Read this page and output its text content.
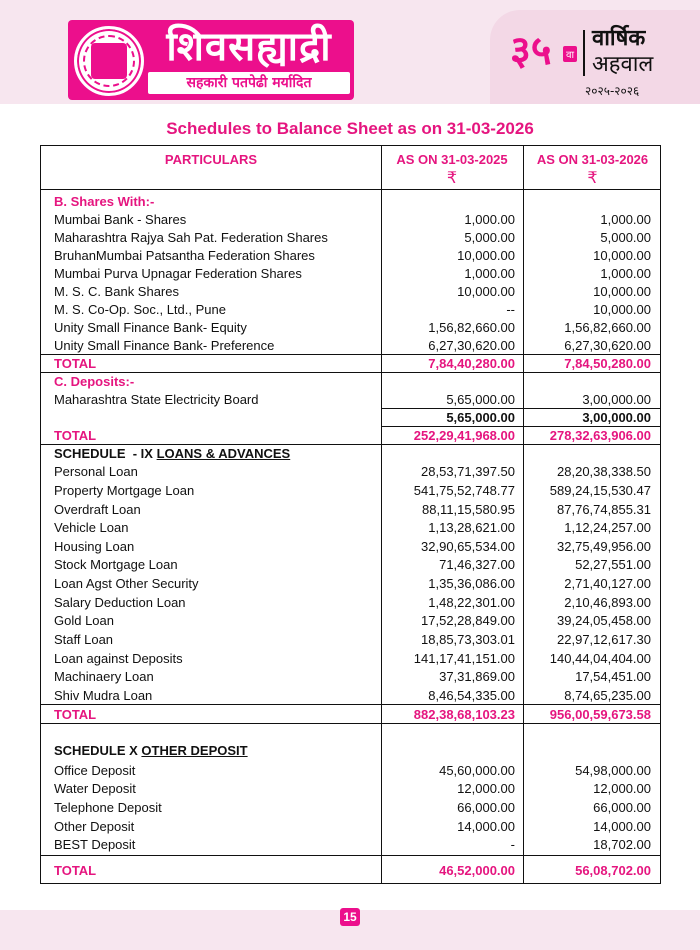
शिवसह्याद्री
सहकारी पतपेढी मर्यादित
३५	वा
वार्षिक
अहवाल
२०२५-२०२६
Schedules to Balance Sheet as on 31-03-2026
PARTICULARS	AS ON 31-03-2025	AS ON 31-03-2026
₹	₹
B. Shares With:-
Mumbai Bank - Shares	1,000.00	1,000.00
Maharashtra Rajya Sah Pat. Federation Shares	5,000.00	5,000.00
BruhanMumbai Patsantha Federation Shares	10,000.00	10,000.00
Mumbai Purva Upnagar Federation Shares	1,000.00	1,000.00
M. S. C. Bank Shares	10,000.00	10,000.00
M. S. Co-Op. Soc., Ltd., Pune	--	10,000.00
Unity Small Finance Bank- Equity	1,56,82,660.00	1,56,82,660.00
Unity Small Finance Bank- Preference	6,27,30,620.00	6,27,30,620.00
TOTAL	7,84,40,280.00	7,84,50,280.00
C. Deposits:-
Maharashtra State Electricity Board	5,65,000.00	3,00,000.00
5,65,000.00	3,00,000.00
TOTAL	252,29,41,968.00	278,32,63,906.00
SCHEDULE  - IX LOANS & ADVANCES
Personal Loan	28,53,71,397.50	28,20,38,338.50
Property Mortgage Loan	541,75,52,748.77	589,24,15,530.47
Overdraft Loan	88,11,15,580.95	87,76,74,855.31
Vehicle Loan	1,13,28,621.00	1,12,24,257.00
Housing Loan	32,90,65,534.00	32,75,49,956.00
Stock Mortgage Loan	71,46,327.00	52,27,551.00
Loan Agst Other Security	1,35,36,086.00	2,71,40,127.00
Salary Deduction Loan	1,48,22,301.00	2,10,46,893.00
Gold Loan	17,52,28,849.00	39,24,05,458.00
Staff Loan	18,85,73,303.01	22,97,12,617.30
Loan against Deposits	141,17,41,151.00	140,44,04,404.00
Machinaery Loan	37,31,869.00	17,54,451.00
Shiv Mudra Loan	8,46,54,335.00	8,74,65,235.00
TOTAL	882,38,68,103.23	956,00,59,673.58
SCHEDULE X OTHER DEPOSIT
Office Deposit	45,60,000.00	54,98,000.00
Water Deposit	12,000.00	12,000.00
Telephone Deposit	66,000.00	66,000.00
Other Deposit	14,000.00	14,000.00
BEST Deposit	-	18,702.00
TOTAL	46,52,000.00	56,08,702.00
15
